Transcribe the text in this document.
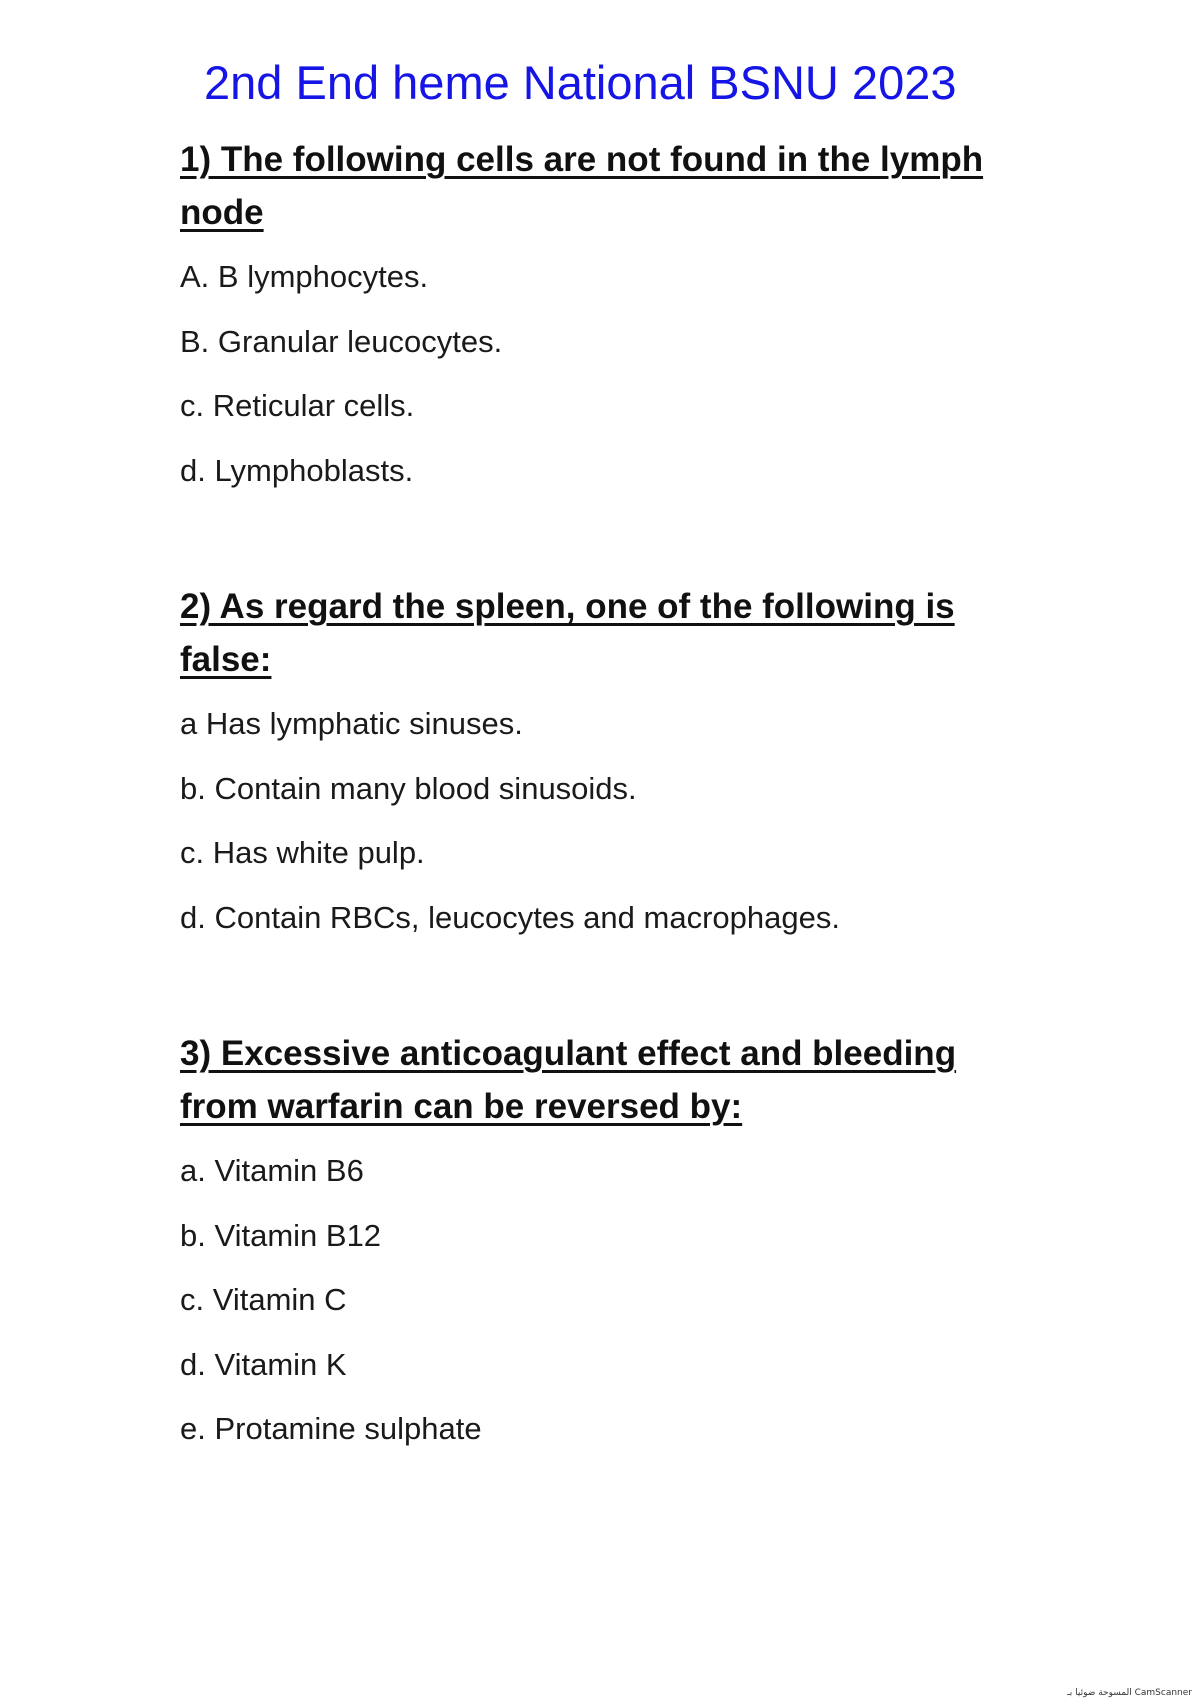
2nd End heme National BSNU 2023

1) The following cells are not found in the lymph node

A. B lymphocytes.
B. Granular leucocytes.
c. Reticular cells.
d. Lymphoblasts.

2) As regard the spleen, one of the following is false:

a Has lymphatic sinuses.
b. Contain many blood sinusoids.
c. Has white pulp.
d. Contain RBCs, leucocytes and macrophages.

3) Excessive anticoagulant effect and bleeding from warfarin can be reversed by:

a. Vitamin B6
b. Vitamin B12
c. Vitamin C
d. Vitamin K
e. Protamine sulphate
المسوحة ضوئيا بـ CamScanner
